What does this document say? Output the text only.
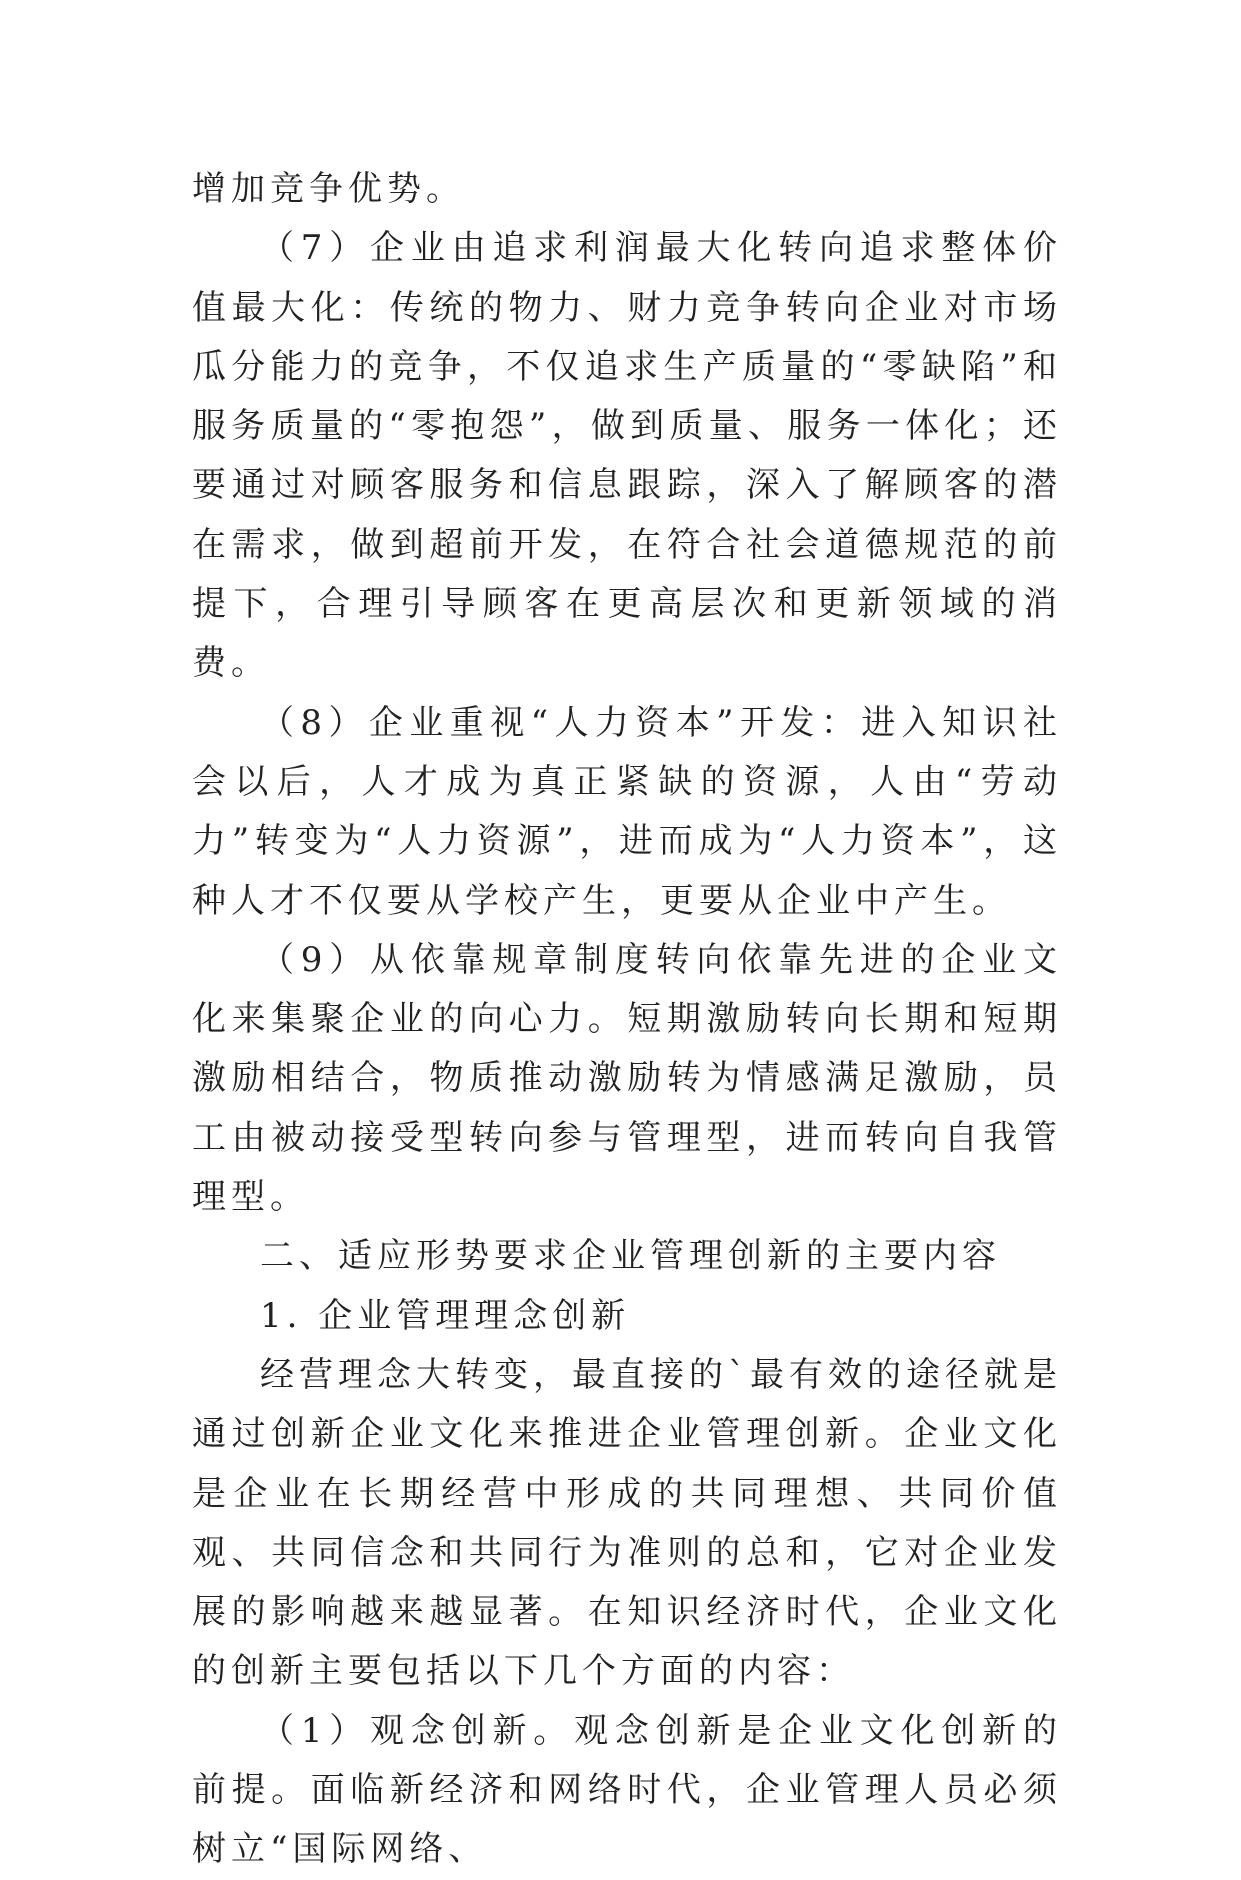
增加竞争优势。

（7）企业由追求利润最大化转向追求整体价值最大化：传统的物力、财力竞争转向企业对市场瓜分能力的竞争，不仅追求生产质量的“零缺陷”和服务质量的“零抱怨”，做到质量、服务一体化；还要通过对顾客服务和信息跟踪，深入了解顾客的潜在需求，做到超前开发，在符合社会道德规范的前提下，合理引导顾客在更高层次和更新领域的消费。

（8）企业重视“人力资本”开发：进入知识社会以后，人才成为真正紧缺的资源，人由“劳动力”转变为“人力资源”，进而成为“人力资本”，这种人才不仅要从学校产生，更要从企业中产生。

（9）从依靠规章制度转向依靠先进的企业文化来集聚企业的向心力。短期激励转向长期和短期激励相结合，物质推动激励转为情感满足激励，员工由被动接受型转向参与管理型，进而转向自我管理型。

二、适应形势要求企业管理创新的主要内容

1. 企业管理理念创新

经营理念大转变，最直接的`最有效的途径就是通过创新企业文化来推进企业管理创新。企业文化是企业在长期经营中形成的共同理想、共同价值观、共同信念和共同行为准则的总和，它对企业发展的影响越来越显著。在知识经济时代，企业文化的创新主要包括以下几个方面的内容：

（1）观念创新。观念创新是企业文化创新的前提。面临新经济和网络时代，企业管理人员必须树立“国际网络、
